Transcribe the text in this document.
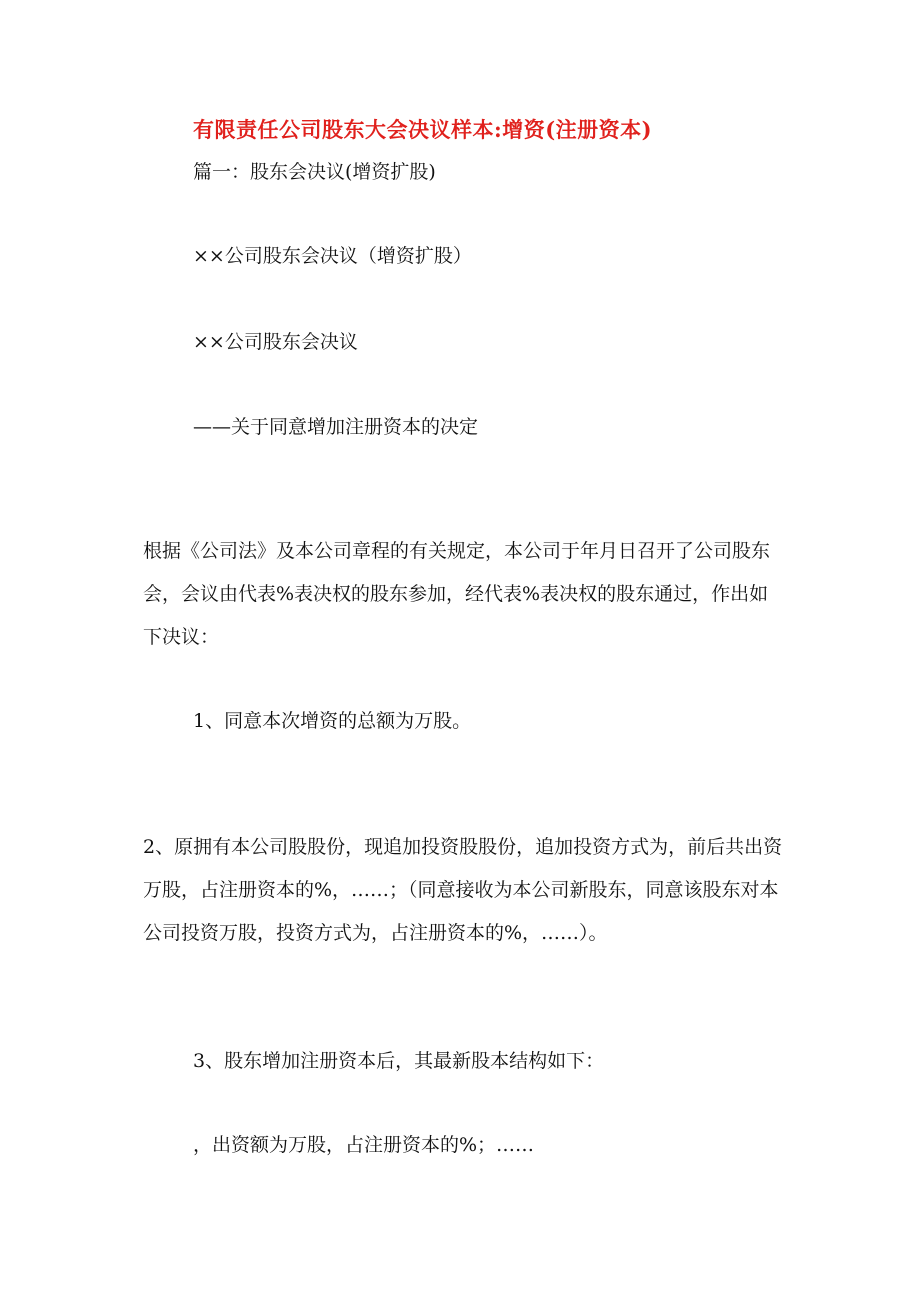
有限责任公司股东大会决议样本:增资(注册资本)
篇一：股东会决议(增资扩股)
××公司股东会决议（增资扩股）
××公司股东会决议
——关于同意增加注册资本的决定

根据《公司法》及本公司章程的有关规定，本公司于年月日召开了公司股东会，会议由代表%表决权的股东参加，经代表%表决权的股东通过，作出如下决议：

1、同意本次增资的总额为万股。

2、原拥有本公司股股份，现追加投资股股份，追加投资方式为，前后共出资万股，占注册资本的%，……；（同意接收为本公司新股东，同意该股东对本公司投资万股，投资方式为，占注册资本的%，……）。

3、股东增加注册资本后，其最新股本结构如下：
，出资额为万股，占注册资本的%；……
